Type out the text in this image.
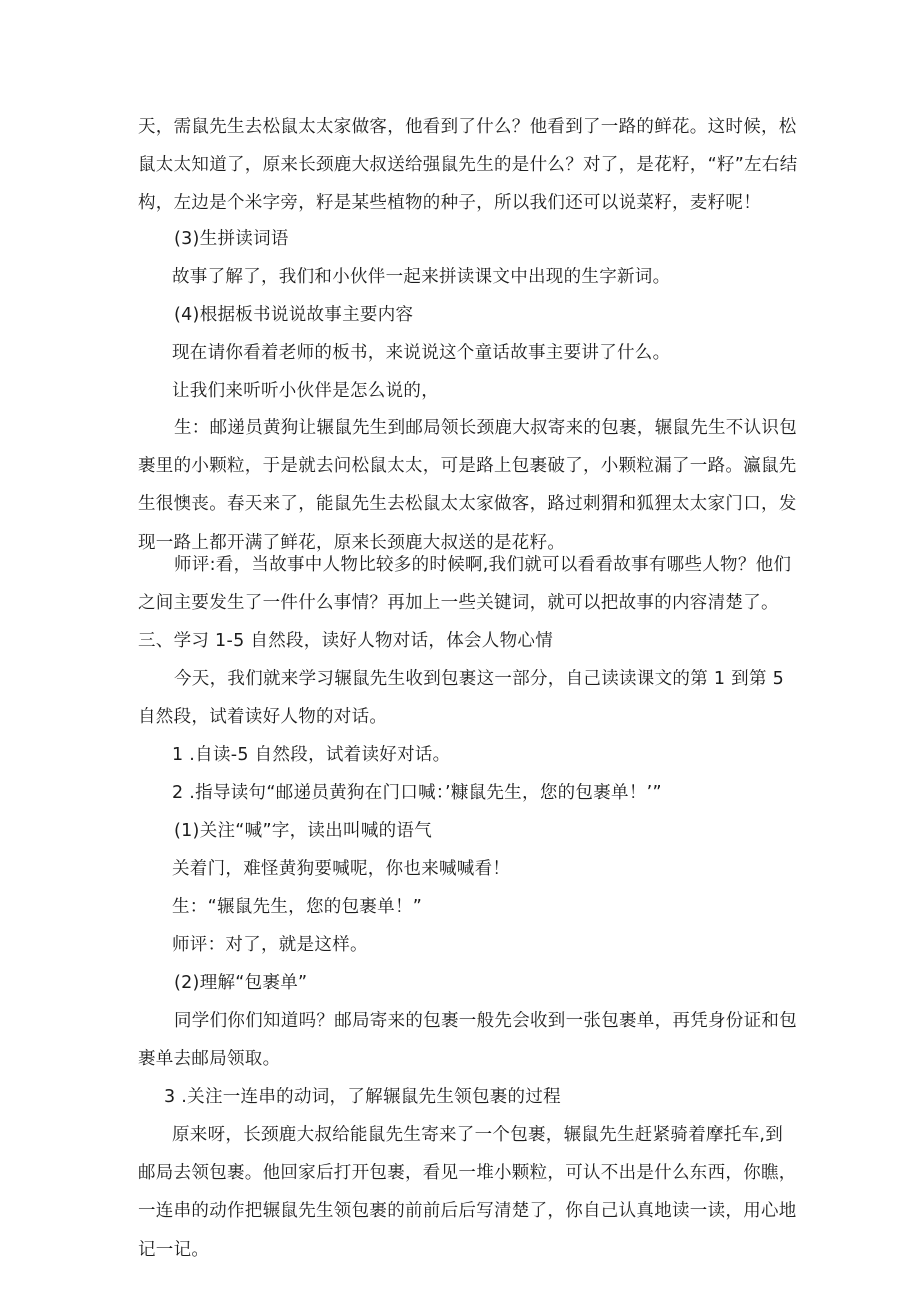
天，需鼠先生去松鼠太太家做客，他看到了什么？他看到了一路的鲜花。这时候，松鼠太太知道了，原来长颈鹿大叔送给强鼠先生的是什么？对了，是花籽，“籽”左右结构，左边是个米字旁，籽是某些植物的种子，所以我们还可以说菜籽，麦籽呢！
(3)生拼读词语
故事了解了，我们和小伙伴一起来拼读课文中出现的生字新词。
(4)根据板书说说故事主要内容
现在请你看着老师的板书，来说说这个童话故事主要讲了什么。
让我们来听听小伙伴是怎么说的，
生：邮递员黄狗让辗鼠先生到邮局领长颈鹿大叔寄来的包裹，辗鼠先生不认识包裹里的小颗粒，于是就去问松鼠太太，可是路上包裹破了，小颗粒漏了一路。瀛鼠先生很懊丧。春天来了，能鼠先生去松鼠太太家做客，路过刺猬和狐狸太太家门口，发现一路上都开满了鲜花，原来长颈鹿大叔送的是花籽。
师评:看，当故事中人物比较多的时候啊,我们就可以看看故事有哪些人物？他们之间主要发生了一件什么事情？再加上一些关键词，就可以把故事的内容清楚了。
三、学习 1-5 自然段，读好人物对话，体会人物心情
今天，我们就来学习辗鼠先生收到包裹这一部分，自己读读课文的第 1 到第 5 自然段，试着读好人物的对话。
1 .自读-5 自然段，试着读好对话。
2 .指导读句“邮递员黄狗在门口喊：’糠鼠先生，您的包裹单！’”
(1)关注“喊”字，读出叫喊的语气
关着门，难怪黄狗要喊呢，你也来喊喊看！
生：“辗鼠先生，您的包裹单！”
师评：对了，就是这样。
(2)理解“包裹单”
同学们你们知道吗？邮局寄来的包裹一般先会收到一张包裹单，再凭身份证和包裹单去邮局领取。
3 .关注一连串的动词，了解辗鼠先生领包裹的过程
原来呀，长颈鹿大叔给能鼠先生寄来了一个包裹，辗鼠先生赶紧骑着摩托车,到邮局去领包裹。他回家后打开包裹，看见一堆小颗粒，可认不出是什么东西，你瞧，一连串的动作把辗鼠先生领包裹的前前后后写清楚了，你自己认真地读一读，用心地记一记。
